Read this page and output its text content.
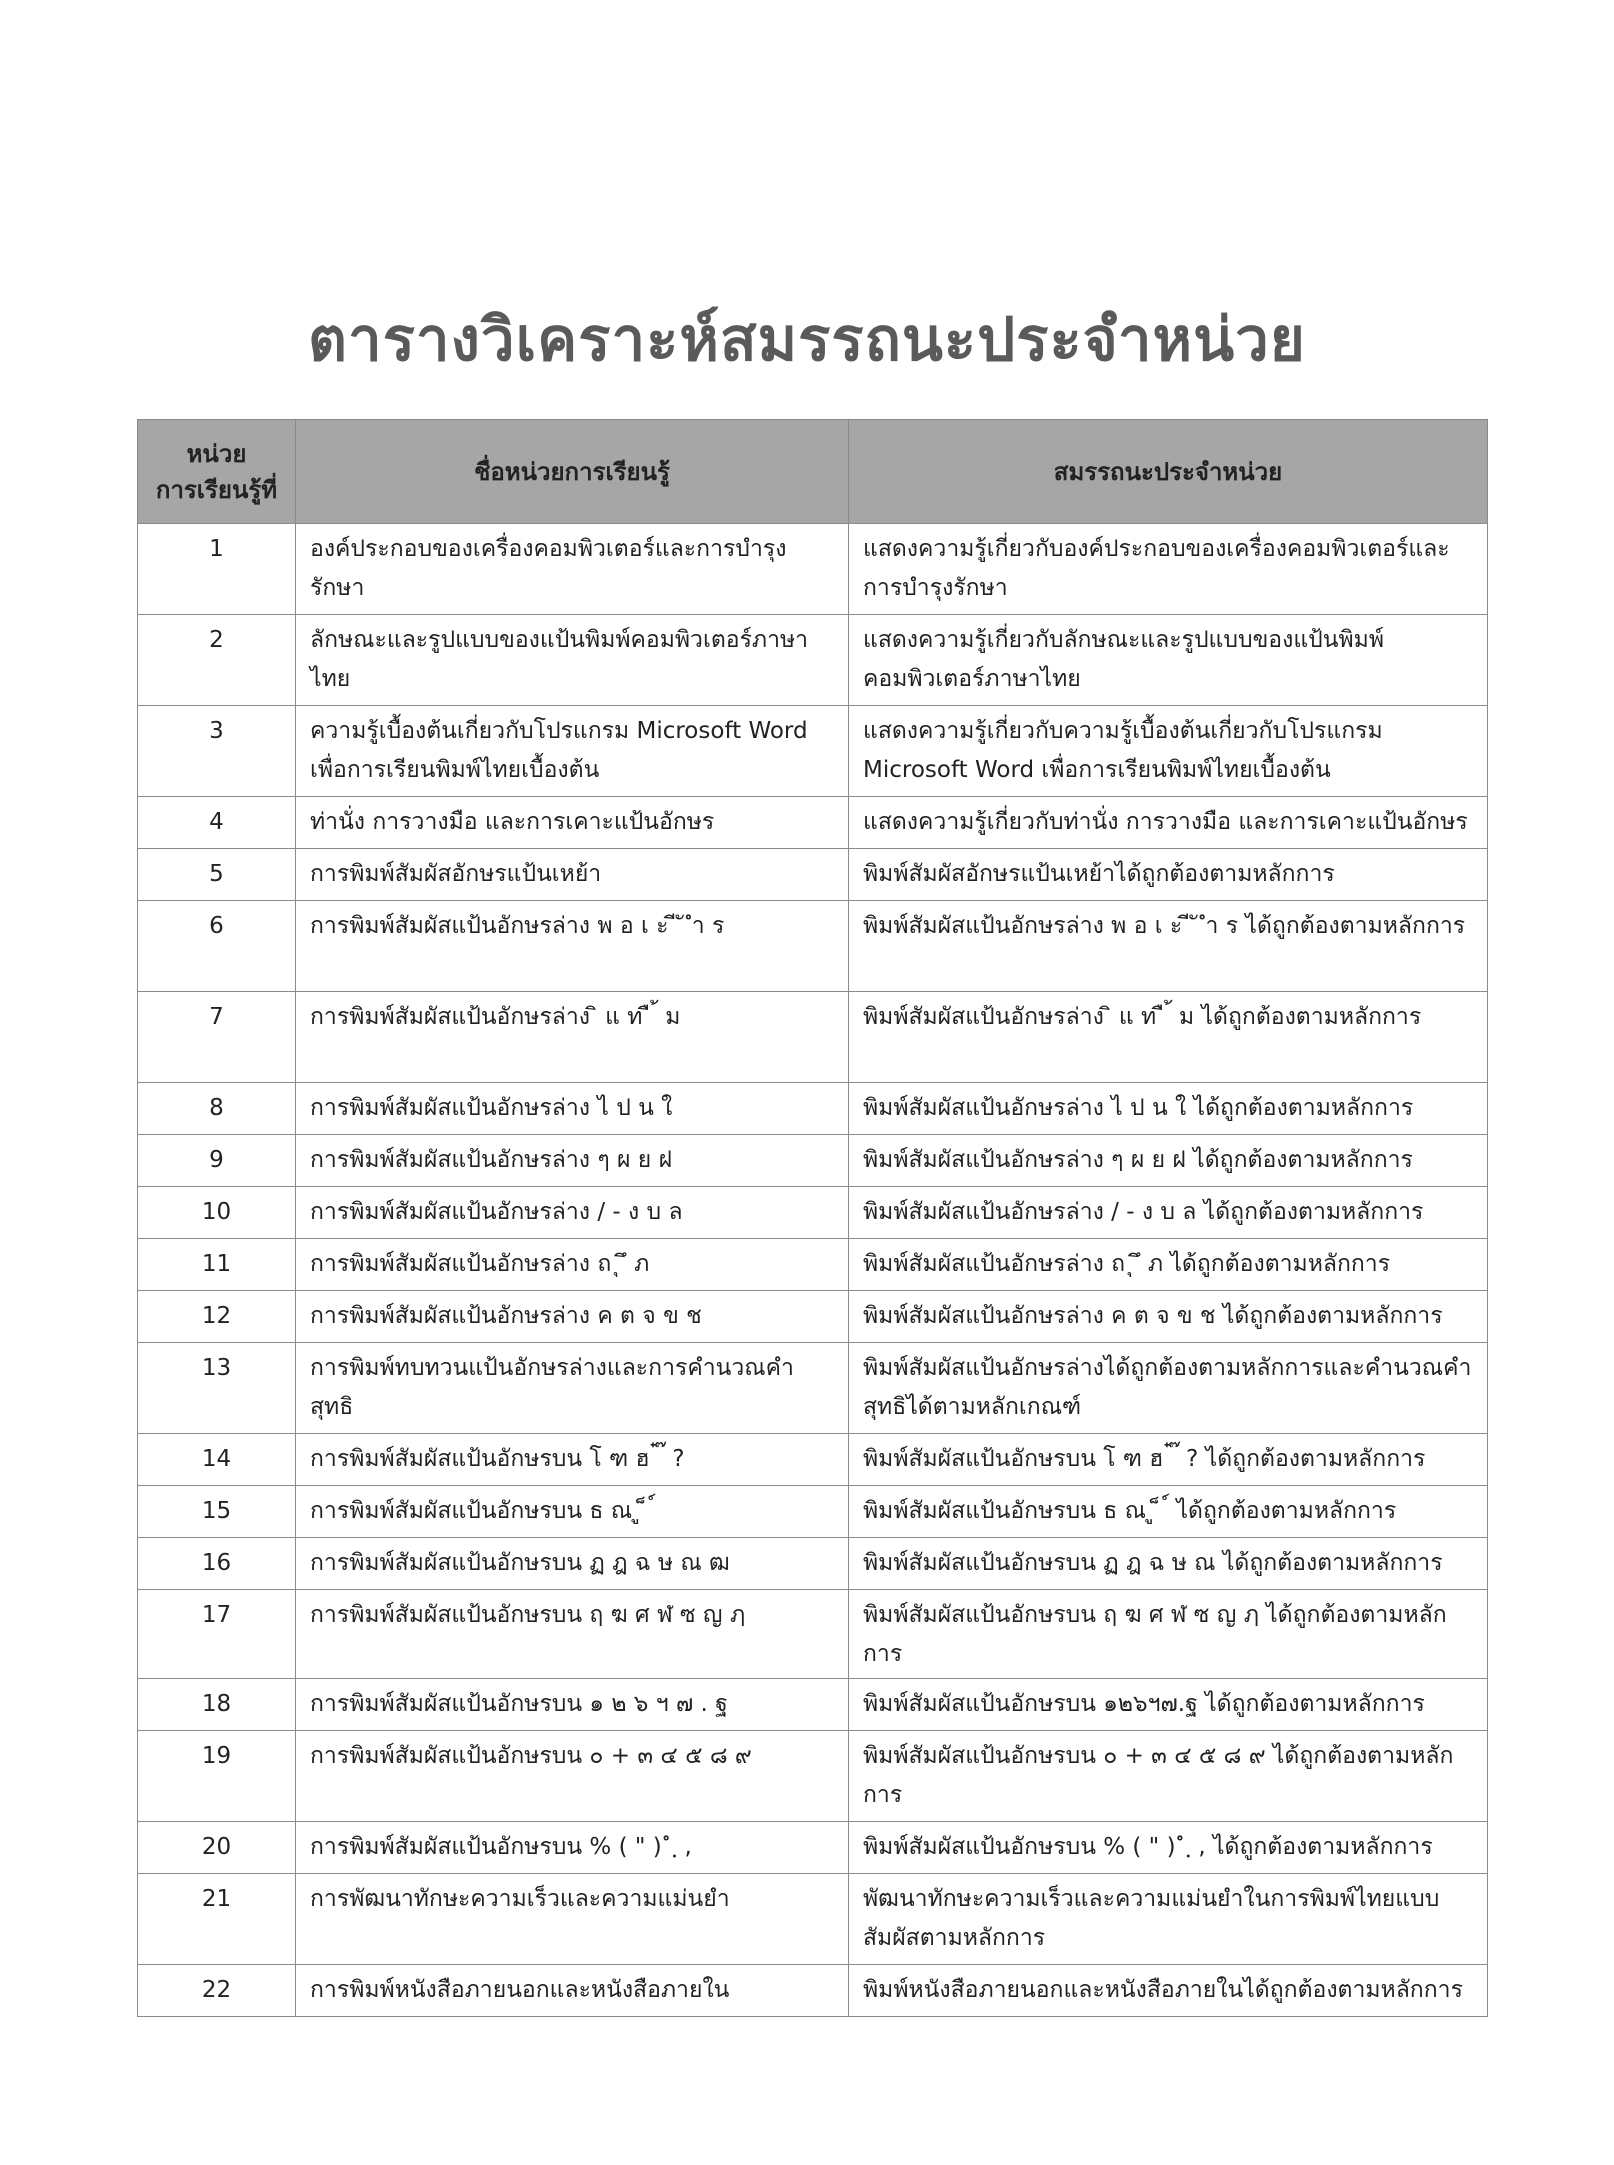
ตารางวิเคราะห์สมรรถนะประจำหน่วย
หน่วย
การเรียนรู้ที่	ชื่อหน่วยการเรียนรู้	สมรรถนะประจำหน่วย
1	องค์ประกอบของเครื่องคอมพิวเตอร์และการบำรุงรักษา	แสดงความรู้เกี่ยวกับองค์ประกอบของเครื่องคอมพิวเตอร์และการบำรุงรักษา
2	ลักษณะและรูปแบบของแป้นพิมพ์คอมพิวเตอร์ภาษาไทย	แสดงความรู้เกี่ยวกับลักษณะและรูปแบบของแป้นพิมพ์คอมพิวเตอร์ภาษาไทย
3	ความรู้เบื้องต้นเกี่ยวกับโปรแกรม Microsoft Word เพื่อการเรียนพิมพ์ไทยเบื้องต้น	แสดงความรู้เกี่ยวกับความรู้เบื้องต้นเกี่ยวกับโปรแกรม Microsoft Word เพื่อการเรียนพิมพ์ไทยเบื้องต้น
4	ท่านั่ง การวางมือ และการเคาะแป้นอักษร	แสดงความรู้เกี่ยวกับท่านั่ง การวางมือ และการเคาะแป้นอักษร
5	การพิมพ์สัมผัสอักษรแป้นเหย้า	พิมพ์สัมผัสอักษรแป้นเหย้าได้ถูกต้องตามหลักการ
6	การพิมพ์สัมผัสแป้นอักษรล่าง พ อ เ ะ ี ั ำ ร	พิมพ์สัมผัสแป้นอักษรล่าง พ อ เ ะ ี ั ำ ร ได้ถูกต้องตามหลักการ
7	การพิมพ์สัมผัสแป้นอักษรล่าง ิ แ ท ื ้ ม	พิมพ์สัมผัสแป้นอักษรล่าง ิ แ ท ื ้ ม ได้ถูกต้องตามหลักการ
8	การพิมพ์สัมผัสแป้นอักษรล่าง ไ ป น ใ	พิมพ์สัมผัสแป้นอักษรล่าง ไ ป น ใ ได้ถูกต้องตามหลักการ
9	การพิมพ์สัมผัสแป้นอักษรล่าง ๆ ผ ย ฝ	พิมพ์สัมผัสแป้นอักษรล่าง ๆ ผ ย ฝ ได้ถูกต้องตามหลักการ
10	การพิมพ์สัมผัสแป้นอักษรล่าง / - ง บ ล	พิมพ์สัมผัสแป้นอักษรล่าง / - ง บ ล ได้ถูกต้องตามหลักการ
11	การพิมพ์สัมผัสแป้นอักษรล่าง ถ ุ ึ ภ	พิมพ์สัมผัสแป้นอักษรล่าง ถ ุ ึ ภ ได้ถูกต้องตามหลักการ
12	การพิมพ์สัมผัสแป้นอักษรล่าง ค ต จ ข ช	พิมพ์สัมผัสแป้นอักษรล่าง ค ต จ ข ช ได้ถูกต้องตามหลักการ
13	การพิมพ์ทบทวนแป้นอักษรล่างและการคำนวณคำสุทธิ	พิมพ์สัมผัสแป้นอักษรล่างได้ถูกต้องตามหลักการและคำนวณคำสุทธิได้ตามหลักเกณฑ์
14	การพิมพ์สัมผัสแป้นอักษรบน โ ฑ ฮ ๋ ๊ ?	พิมพ์สัมผัสแป้นอักษรบน โ ฑ ฮ ๋ ๊ ? ได้ถูกต้องตามหลักการ
15	การพิมพ์สัมผัสแป้นอักษรบน ธ ณ ู ็ ์	พิมพ์สัมผัสแป้นอักษรบน ธ ณ ู ็ ์ ได้ถูกต้องตามหลักการ
16	การพิมพ์สัมผัสแป้นอักษรบน ฏ ฎ ฉ ษ ณ ฒ	พิมพ์สัมผัสแป้นอักษรบน ฏ ฎ ฉ ษ ณ ได้ถูกต้องตามหลักการ
17	การพิมพ์สัมผัสแป้นอักษรบน ฤ ฆ ศ ฬ ซ ญ ฦ	พิมพ์สัมผัสแป้นอักษรบน ฤ ฆ ศ ฬ ซ ญ ฦ ได้ถูกต้องตามหลักการ
18	การพิมพ์สัมผัสแป้นอักษรบน ๑ ๒ ๖ ฯ ๗ . ฐ	พิมพ์สัมผัสแป้นอักษรบน ๑๒๖ฯ๗.ฐ ได้ถูกต้องตามหลักการ
19	การพิมพ์สัมผัสแป้นอักษรบน ๐ + ๓ ๔ ๕ ๘ ๙	พิมพ์สัมผัสแป้นอักษรบน ๐ + ๓ ๔ ๕ ๘ ๙ ได้ถูกต้องตามหลักการ
20	การพิมพ์สัมผัสแป้นอักษรบน % ( " ) ํ ฺ ,	พิมพ์สัมผัสแป้นอักษรบน % ( " ) ํ ฺ , ได้ถูกต้องตามหลักการ
21	การพัฒนาทักษะความเร็วและความแม่นยำ	พัฒนาทักษะความเร็วและความแม่นยำในการพิมพ์ไทยแบบสัมผัสตามหลักการ
22	การพิมพ์หนังสือภายนอกและหนังสือภายใน	พิมพ์หนังสือภายนอกและหนังสือภายในได้ถูกต้องตามหลักการ
